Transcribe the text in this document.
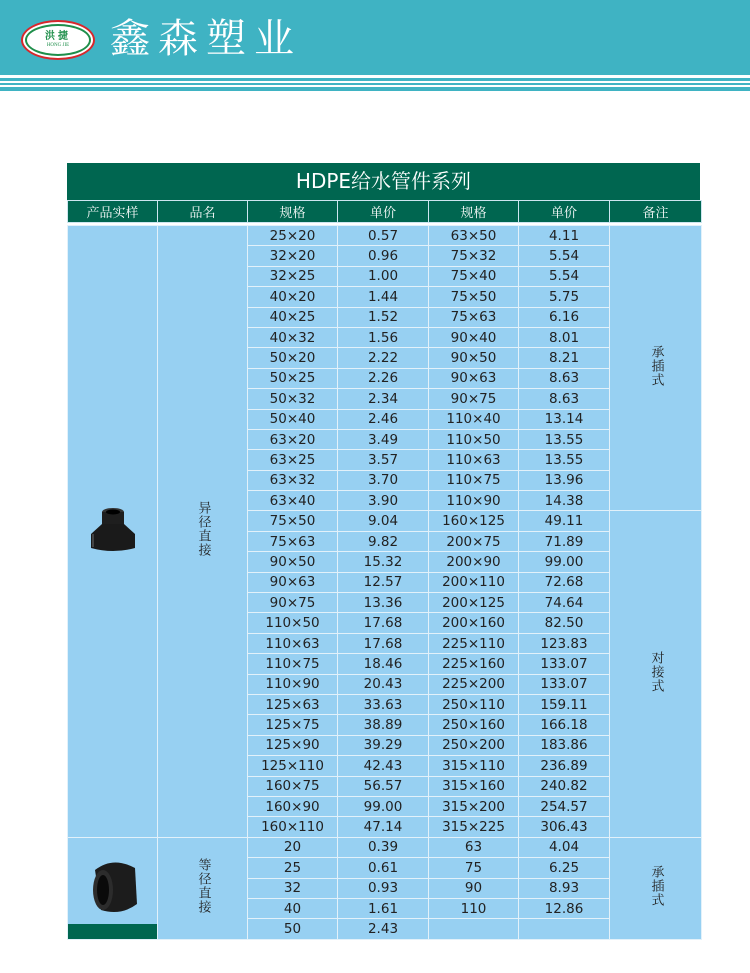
洪捷
HONG JIE 鑫森塑业
HDPE给水管件系列
产品实样	品名	规格	单价	规格	单价	备注

	异径直接	25×20	0.57	63×50	4.11	承插式
		32×20	0.96	75×32	5.54	
		32×25	1.00	75×40	5.54	
		40×20	1.44	75×50	5.75	
		40×25	1.52	75×63	6.16	
		40×32	1.56	90×40	8.01	
		50×20	2.22	90×50	8.21	
		50×25	2.26	90×63	8.63	
		50×32	2.34	90×75	8.63	
		50×40	2.46	110×40	13.14	
		63×20	3.49	110×50	13.55	
		63×25	3.57	110×63	13.55	
		63×32	3.70	110×75	13.96	
		63×40	3.90	110×90	14.38	
		75×50	9.04	160×125	49.11	对接式
		75×63	9.82	200×75	71.89	
		90×50	15.32	200×90	99.00	
		90×63	12.57	200×110	72.68	
		90×75	13.36	200×125	74.64	
		110×50	17.68	200×160	82.50	
		110×63	17.68	225×110	123.83	
		110×75	18.46	225×160	133.07	
		110×90	20.43	225×200	133.07	
		125×63	33.63	250×110	159.11	
		125×75	38.89	250×160	166.18	
		125×90	39.29	250×200	183.86	
		125×110	42.43	315×110	236.89	
		160×75	56.57	315×160	240.82	
		160×90	99.00	315×200	254.57	
		160×110	47.14	315×225	306.43	

	等径直接	20	0.39	63	4.04	承插式
		25	0.61	75	6.25	
		32	0.93	90	8.93	
		40	1.61	110	12.86	
		50	2.43			
